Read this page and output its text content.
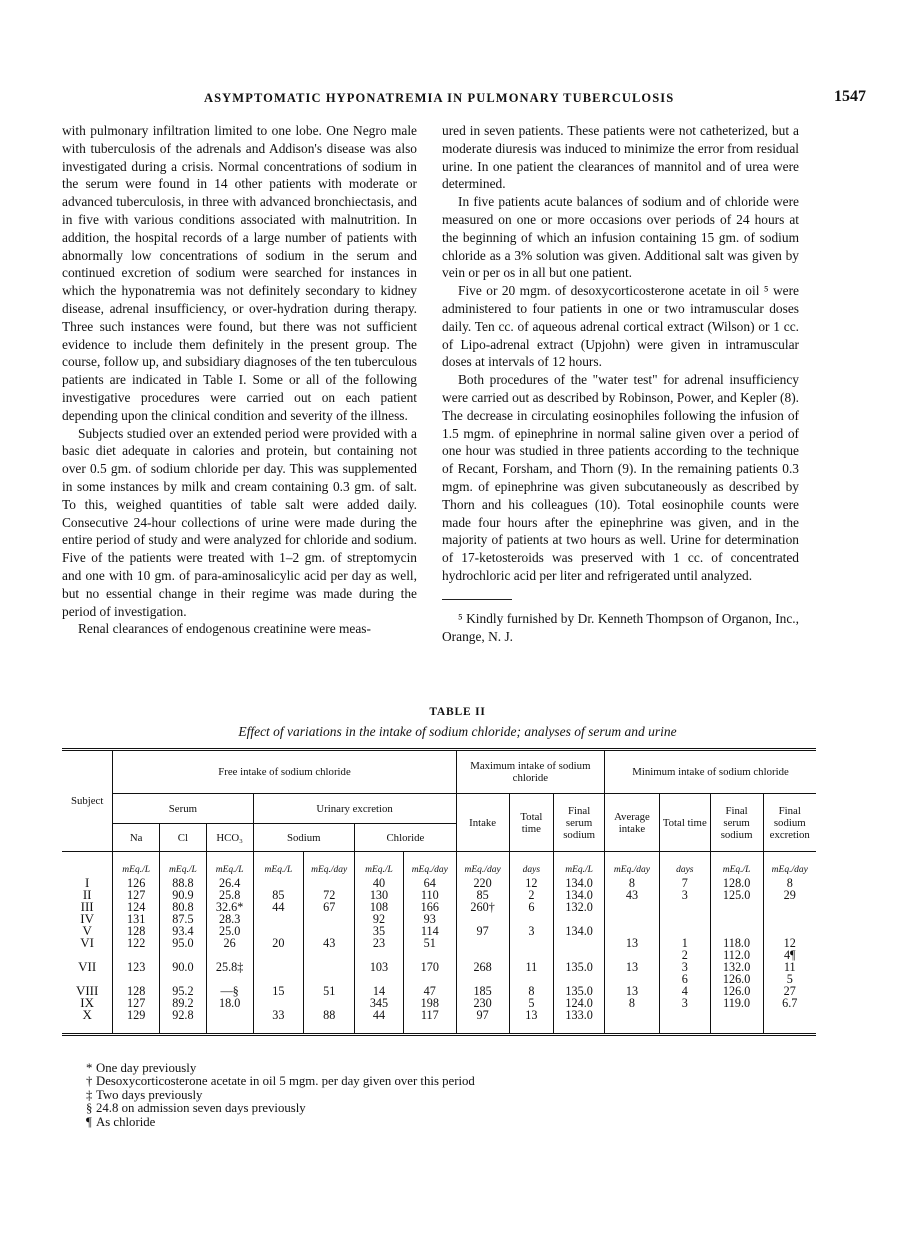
ASYMPTOMATIC HYPONATREMIA IN PULMONARY TUBERCULOSIS	1547

with pulmonary infiltration limited to one lobe. One Negro male with tuberculosis of the adrenals and Addison's disease was also investigated during a crisis. Normal concentrations of sodium in the serum were found in 14 other patients with moderate or advanced tuberculosis, in three with advanced bronchiectasis, and in five with various conditions associated with malnutrition. In addition, the hospital records of a large number of patients with abnormally low concentrations of sodium in the serum and continued excretion of sodium were searched for instances in which the hyponatremia was not definitely secondary to kidney disease, adrenal insufficiency, or over-hydration during therapy. Three such instances were found, but there was not sufficient evidence to include them definitely in the present group. The course, follow up, and subsidiary diagnoses of the ten tuberculous patients are indicated in Table I. Some or all of the following investigative procedures were carried out on each patient depending upon the clinical condition and severity of the illness.

Subjects studied over an extended period were provided with a basic diet adequate in calories and protein, but containing not over 0.5 gm. of sodium chloride per day. This was supplemented in some instances by milk and cream containing 0.3 gm. of salt. To this, weighed quantities of table salt were added daily. Consecutive 24-hour collections of urine were made during the entire period of study and were analyzed for chloride and sodium. Five of the patients were treated with 1–2 gm. of streptomycin and one with 10 gm. of para-aminosalicylic acid per day as well, but no essential change in their regime was made during the period of investigation.

Renal clearances of endogenous creatinine were meas-

ured in seven patients. These patients were not catheterized, but a moderate diuresis was induced to minimize the error from residual urine. In one patient the clearances of mannitol and of urea were determined.

In five patients acute balances of sodium and of chloride were measured on one or more occasions over periods of 24 hours at the beginning of which an infusion containing 15 gm. of sodium chloride as a 3% solution was given. Additional salt was given by vein or per os in all but one patient.

Five or 20 mgm. of desoxycorticosterone acetate in oil ⁵ were administered to four patients in one or two intramuscular doses daily. Ten cc. of aqueous adrenal cortical extract (Wilson) or 1 cc. of Lipo-adrenal extract (Upjohn) were given in intramuscular doses at intervals of 12 hours.

Both procedures of the "water test" for adrenal insufficiency were carried out as described by Robinson, Power, and Kepler (8). The decrease in circulating eosinophiles following the infusion of 1.5 mgm. of epinephrine in normal saline given over a period of one hour was studied in three patients according to the technique of Recant, Forsham, and Thorn (9). In the remaining patients 0.3 mgm. of epinephrine was given subcutaneously as described by Thorn and his colleagues (10). Total eosinophile counts were made four hours after the epinephrine was given, and in the majority of patients at two hours as well. Urine for determination of 17-ketosteroids was preserved with 1 cc. of concentrated hydrochloric acid per liter and refrigerated until analyzed.

⁵ Kindly furnished by Dr. Kenneth Thompson of Organon, Inc., Orange, N. J.

TABLE II
Effect of variations in the intake of sodium chloride; analyses of serum and urine
Subject	Free intake of sodium chloride							Maximum intake of sodium chloride			Minimum intake of sodium chloride			
	Serum			Urinary excretion				Intake	Total time	Final serum sodium	Average intake	Total time	Final serum sodium	Final sodium excretion
	Na	Cl	HCO₃	Sodium		Chloride								
	mEq./L	mEq./L	mEq./L	mEq./L	mEq./day	mEq./L	mEq./day	mEq./day	days	mEq./L	mEq./day	days	mEq./L	mEq./day
I	126	88.8	26.4			40	64	220	12	134.0	8	7	128.0	8
II	127	90.9	25.8	85	72	130	110	85	2	134.0	43	3	125.0	29
III	124	80.8	32.6*	44	67	108	166	260†	6	132.0				
IV	131	87.5	28.3			92	93							
V	128	93.4	25.0			35	114	97	3	134.0				
VI	122	95.0	26	20	43	23	51				13	1	118.0	12
												2	112.0	4¶
VII	123	90.0	25.8‡			103	170	268	11	135.0	13	3	132.0	11
												6	126.0	5
VIII	128	95.2	—§	15	51	14	47	185	8	135.0	13	4	126.0	27
IX	127	89.2	18.0			345	198	230	5	124.0	8	3	119.0	6.7
X	129	92.8		33	88	44	117	97	13	133.0				
* One day previously
† Desoxycorticosterone acetate in oil 5 mgm. per day given over this period
‡ Two days previously
§ 24.8 on admission seven days previously
¶ As chloride
